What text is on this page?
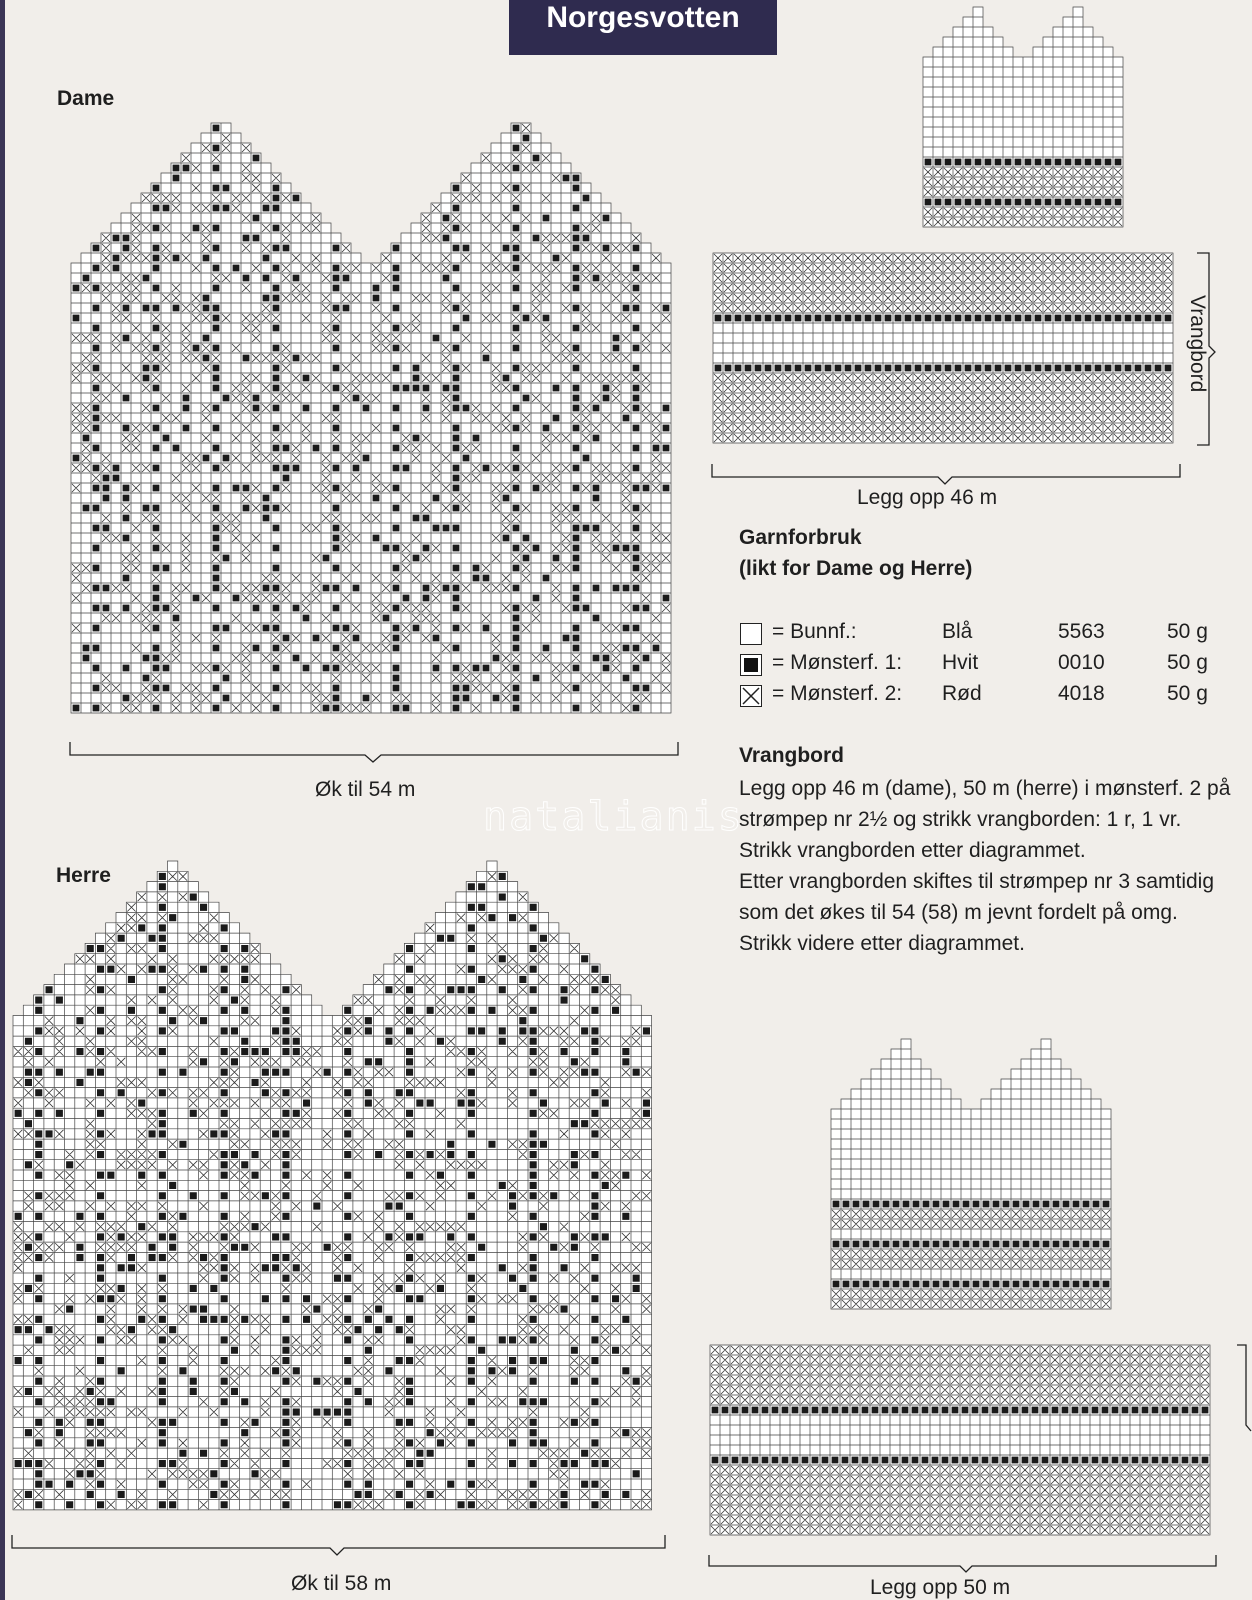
Norgesvotten
Dame
Herre
Øk til 54 m
Legg opp 46 m
Vrangbord
Øk til 58 m	Legg opp 50 m
Garnforbruk
(likt for Dame og Herre)
= Bunnf.:	Blå	5563	50 g
= Mønsterf. 1: Hvit	0010	50 g
= Mønsterf. 2: Rød	4018	50 g
Vrangbord

Legg opp 46 m (dame), 50 m (herre) i mønsterf. 2 på strømpep nr 2½ og strikk vrangborden: 1 r, 1 vr.

Strikk vrangborden etter diagrammet.

Etter vrangborden skiftes til strømpep nr 3 samtidig som det økes til 54 (58) m jevnt fordelt på omg.

Strikk videre etter diagrammet.

natalianis
